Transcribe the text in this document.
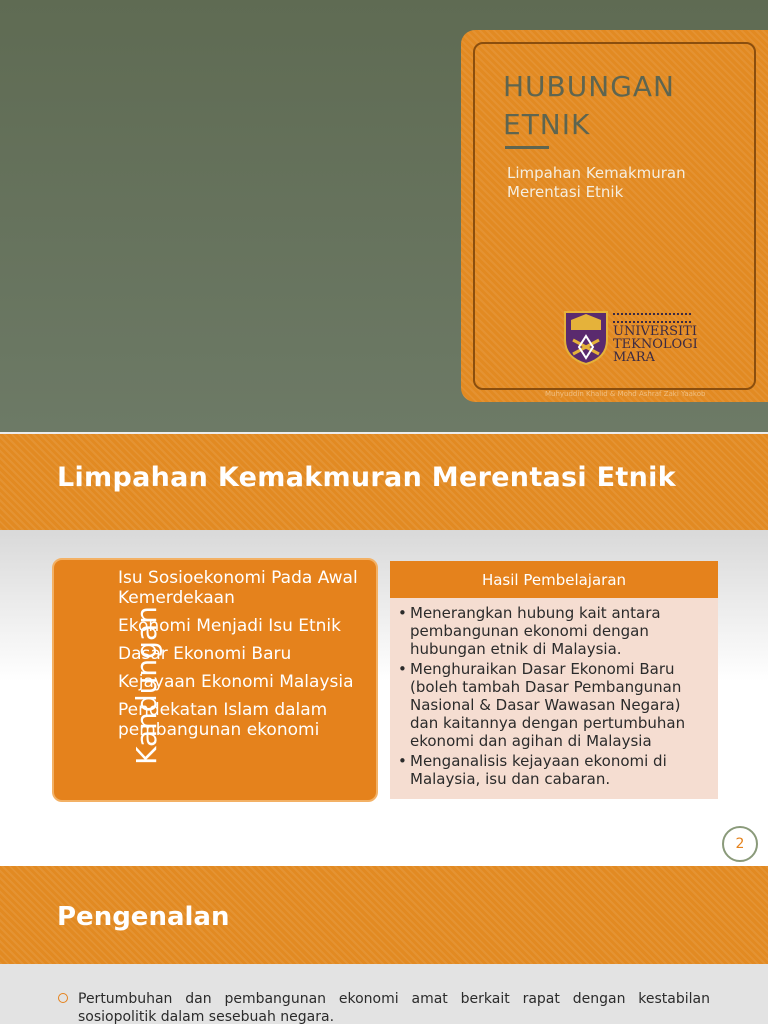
HUBUNGAN ETNIK
Limpahan Kemakmuran Merentasi Etnik
UNIVERSITI
TEKNOLOGI
MARA
Muhyuddin Khalid & Mohd Ashraf Zaki Yaakob
Limpahan Kemakmuran Merentasi Etnik
Kandungan
Isu Sosioekonomi Pada Awal Kemerdekaan
Ekonomi Menjadi Isu Etnik
Dasar Ekonomi Baru
Kejayaan Ekonomi Malaysia
Pendekatan Islam dalam pembangunan ekonomi
Hasil Pembelajaran
• Menerangkan hubung kait antara pembangunan ekonomi dengan hubungan etnik di Malaysia.
• Menghuraikan Dasar Ekonomi Baru (boleh tambah Dasar Pembangunan Nasional & Dasar Wawasan Negara) dan kaitannya dengan pertumbuhan ekonomi dan agihan di Malaysia
• Menganalisis kejayaan ekonomi di Malaysia, isu dan cabaran.
2
Pengenalan
Pertumbuhan dan pembangunan ekonomi amat berkait rapat dengan kestabilan sosiopolitik dalam sesebuah negara.
